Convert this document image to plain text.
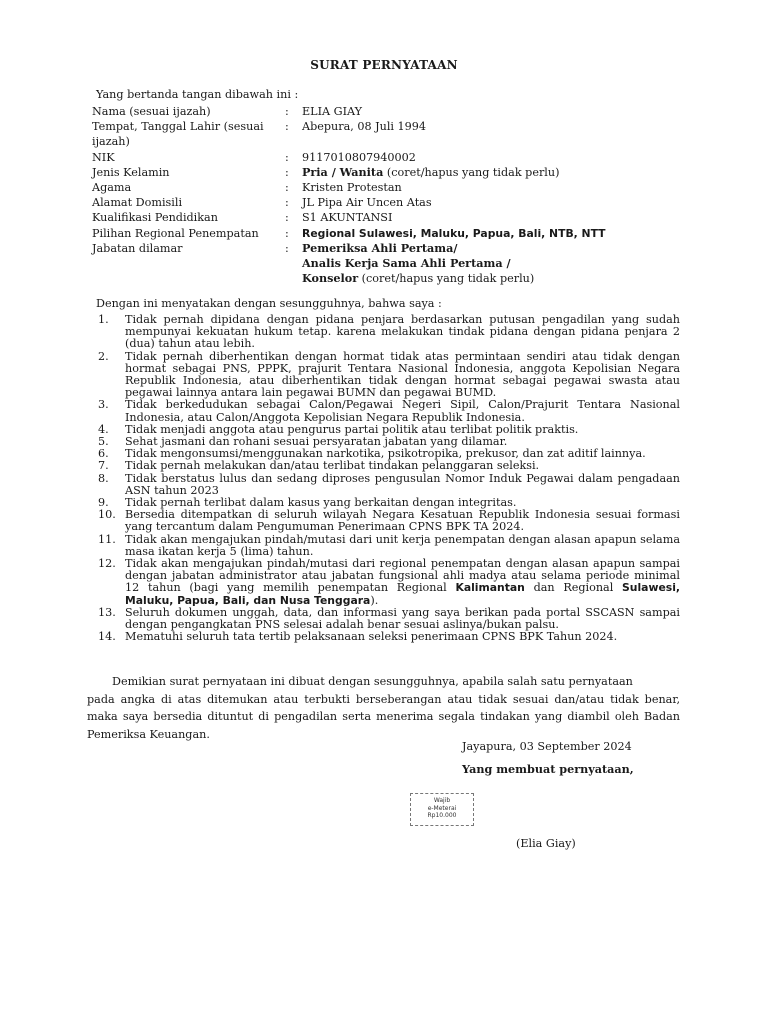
SURAT PERNYATAAN
Yang bertanda tangan dibawah ini :
Nama (sesuai ijazah)	:	ELIA GIAY
Tempat, Tanggal Lahir (sesuai
ijazah)
:	Abepura, 08 Juli 1994
NIK	:	9117010807940002
Jenis Kelamin	:	Pria / Wanita (coret/hapus yang tidak perlu)
Agama	:	Kristen Protestan
Alamat Domisili	:	JL Pipa Air Uncen Atas
Kualifikasi Pendidikan	:	S1 AKUNTANSI
Pilihan Regional Penempatan	:	Regional Sulawesi, Maluku, Papua, Bali, NTB, NTT
Jabatan dilamar	:	Pemeriksa Ahli Pertama/
Analis Kerja Sama Ahli Pertama /
Konselor (coret/hapus yang tidak perlu)
Dengan ini menyatakan dengan sesungguhnya, bahwa saya :
1.	Tidak pernah dipidana dengan pidana penjara berdasarkan putusan pengadilan yang sudah mempunyai kekuatan hukum tetap. karena melakukan tindak pidana dengan pidana penjara 2 (dua) tahun atau lebih.
2.	Tidak pernah diberhentikan dengan hormat tidak atas permintaan sendiri atau tidak dengan hormat sebagai PNS, PPPK, prajurit Tentara Nasional Indonesia, anggota Kepolisian Negara Republik Indonesia, atau diberhentikan tidak dengan hormat sebagai pegawai swasta atau pegawai lainnya antara lain pegawai BUMN dan pegawai BUMD.
3.	Tidak berkedudukan sebagai Calon/Pegawai Negeri Sipil, Calon/Prajurit Tentara Nasional Indonesia, atau Calon/Anggota Kepolisian Negara Republik Indonesia.
4.	Tidak menjadi anggota atau pengurus partai politik atau terlibat politik praktis.
5.	Sehat jasmani dan rohani sesuai persyaratan jabatan yang dilamar.
6.	Tidak mengonsumsi/menggunakan narkotika, psikotropika, prekusor, dan zat aditif lainnya.
7.	Tidak pernah melakukan dan/atau terlibat tindakan pelanggaran seleksi.
8.	Tidak berstatus lulus dan sedang diproses pengusulan Nomor Induk Pegawai dalam pengadaan ASN tahun 2023
9.	Tidak pernah terlibat dalam kasus yang berkaitan dengan integritas.
10. Bersedia ditempatkan di seluruh wilayah Negara Kesatuan Republik Indonesia sesuai formasi yang tercantum dalam Pengumuman Penerimaan CPNS BPK TA 2024.
11. Tidak akan mengajukan pindah/mutasi dari unit kerja penempatan dengan alasan apapun selama masa ikatan kerja 5 (lima) tahun.
12. Tidak akan mengajukan pindah/mutasi dari regional penempatan dengan alasan apapun sampai dengan jabatan administrator atau jabatan fungsional ahli madya atau selama periode minimal 12 tahun (bagi yang memilih penempatan Regional Kalimantan dan Regional Sulawesi, Maluku, Papua, Bali, dan Nusa Tenggara).
13. Seluruh dokumen unggah, data, dan informasi yang saya berikan pada portal SSCASN sampai dengan pengangkatan PNS selesai adalah benar sesuai aslinya/bukan palsu.
14. Mematuhi seluruh tata tertib pelaksanaan seleksi penerimaan CPNS BPK Tahun 2024.
Demikian surat pernyataan ini dibuat dengan sesungguhnya, apabila salah satu pernyataan
pada angka di atas ditemukan atau terbukti berseberangan atau tidak sesuai dan/atau tidak benar, maka saya bersedia dituntut di pengadilan serta menerima segala tindakan yang diambil oleh Badan Pemeriksa Keuangan.
Jayapura, 03 September 2024
Yang membuat pernyataan,
Wajib
e-Meterai
Rp10.000
(Elia Giay)
